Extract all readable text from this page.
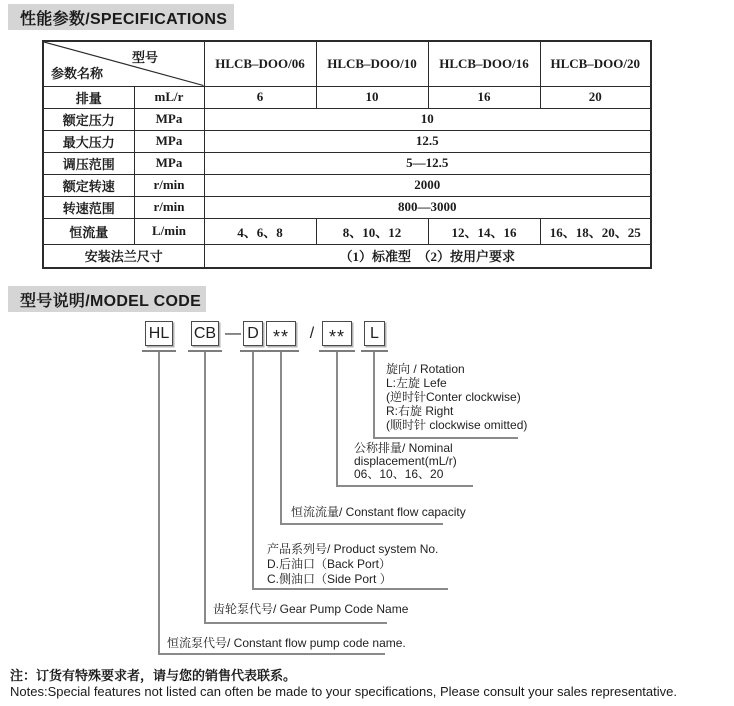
性能参数/SPECIFICATIONS
型号
参数名称		HLCB–DOO/06	HLCB–DOO/10	HLCB–DOO/16	HLCB–DOO/20
排量	mL/r	6	10	16	20
额定压力	MPa	10			
最大压力	MPa	12.5			
调压范围	MPa	5—12.5			
额定转速	r/min	2000			
转速范围	r/min	800—3000			
恒流量	L/min	4、6、8	8、10、12	12、14、16	16、18、20、25
安装法兰尺寸		（1）标准型　（2）按用户要求			
型号说明/MODEL CODE
HL CB — D **	/ **	L
旋向 / Rotation
L:左旋 Lefe
(逆时针Conter clockwise)
R:右旋 Right
(顺时针 clockwise omitted)
公称排量/ Nominal
displacement(mL/r)
06、10、16、20
恒流流量/ Constant flow capacity
产品系列号/ Product system No.
D.后油口（Back Port）
C.侧油口（Side Port ）
齿轮泵代号/ Gear Pump Code Name
恒流泵代号/ Constant flow pump code name.
注：订货有特殊要求者，请与您的销售代表联系。
Notes:Special features not listed can often be made to your specifications, Please consult your sales representative.
